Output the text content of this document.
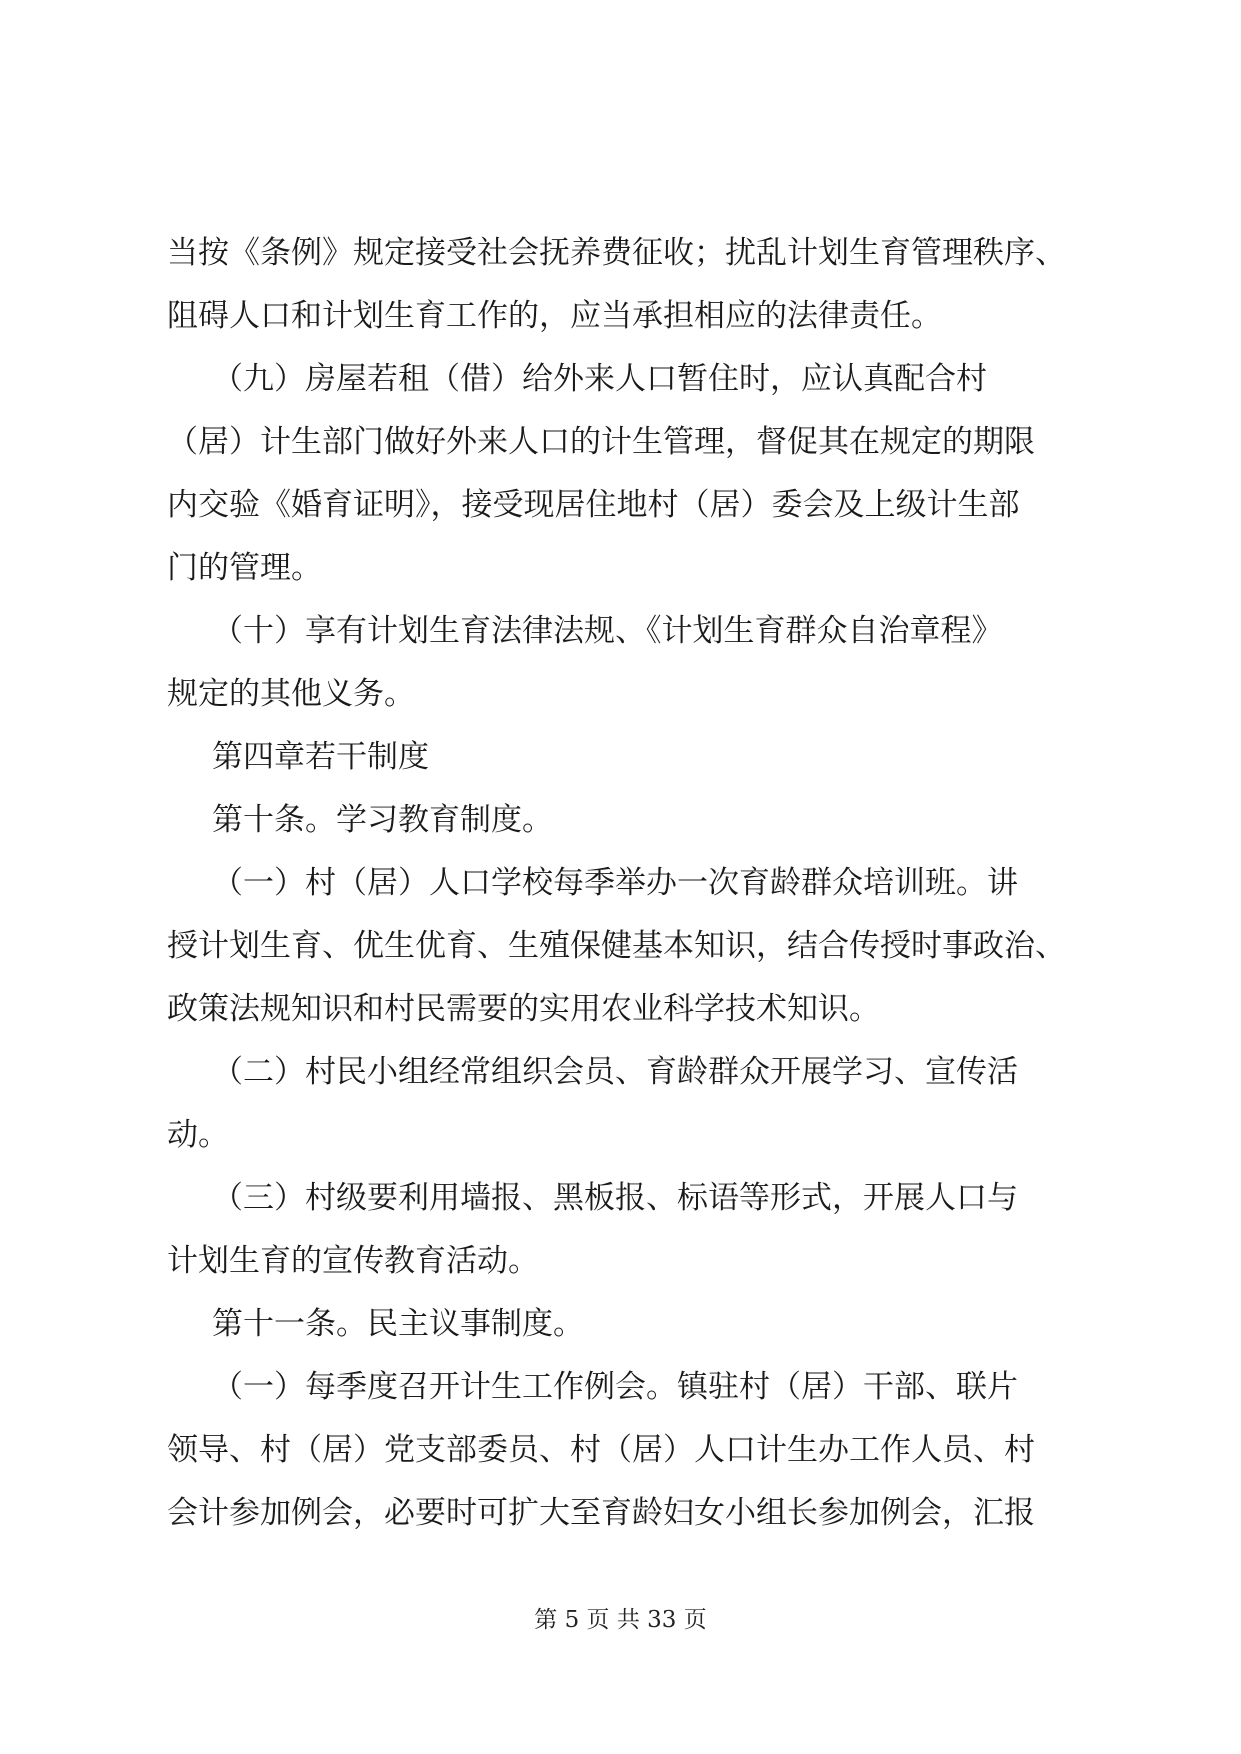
当按《条例》规定接受社会抚养费征收；扰乱计划生育管理秩序、
阻碍人口和计划生育工作的，应当承担相应的法律责任。
（九）房屋若租（借）给外来人口暂住时，应认真配合村
（居）计生部门做好外来人口的计生管理，督促其在规定的期限
内交验《婚育证明》，接受现居住地村（居）委会及上级计生部
门的管理。
（十）享有计划生育法律法规、《计划生育群众自治章程》
规定的其他义务。
第四章若干制度
第十条。学习教育制度。
（一）村（居）人口学校每季举办一次育龄群众培训班。讲
授计划生育、优生优育、生殖保健基本知识，结合传授时事政治、
政策法规知识和村民需要的实用农业科学技术知识。
（二）村民小组经常组织会员、育龄群众开展学习、宣传活
动。
（三）村级要利用墙报、黑板报、标语等形式，开展人口与
计划生育的宣传教育活动。
第十一条。民主议事制度。
（一）每季度召开计生工作例会。镇驻村（居）干部、联片
领导、村（居）党支部委员、村（居）人口计生办工作人员、村
会计参加例会，必要时可扩大至育龄妇女小组长参加例会，汇报
第 5 页 共 33 页
